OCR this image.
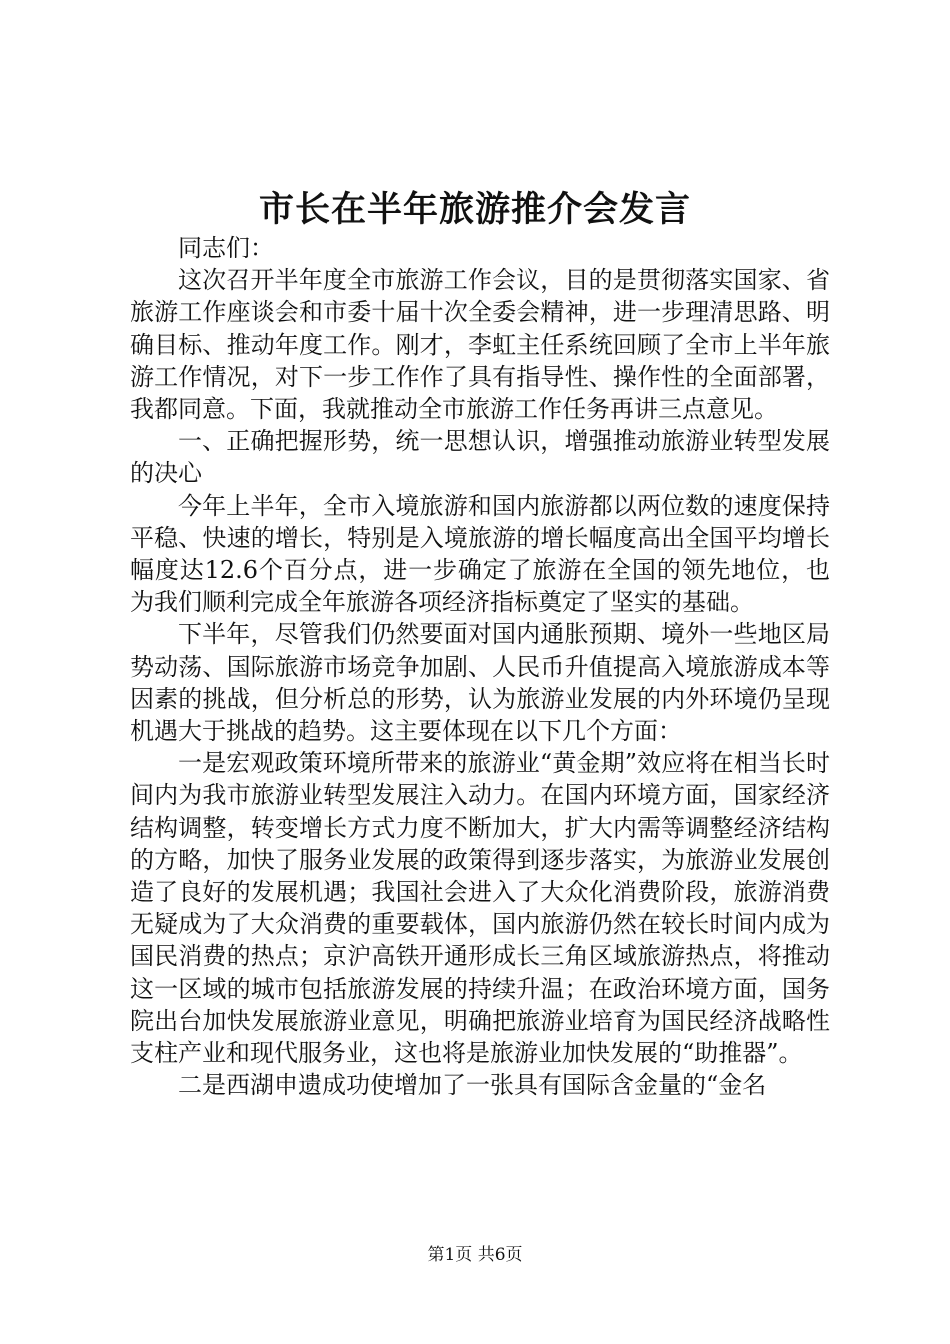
市长在半年旅游推介会发言

同志们：

这次召开半年度全市旅游工作会议，目的是贯彻落实国家、省旅游工作座谈会和市委十届十次全委会精神，进一步理清思路、明确目标、推动年度工作。刚才，李虹主任系统回顾了全市上半年旅游工作情况，对下一步工作作了具有指导性、操作性的全面部署，我都同意。下面，我就推动全市旅游工作任务再讲三点意见。

一、正确把握形势，统一思想认识，增强推动旅游业转型发展的决心

今年上半年，全市入境旅游和国内旅游都以两位数的速度保持平稳、快速的增长，特别是入境旅游的增长幅度高出全国平均增长幅度达12.6个百分点，进一步确定了旅游在全国的领先地位，也为我们顺利完成全年旅游各项经济指标奠定了坚实的基础。

下半年，尽管我们仍然要面对国内通胀预期、境外一些地区局势动荡、国际旅游市场竞争加剧、人民币升值提高入境旅游成本等因素的挑战，但分析总的形势，认为旅游业发展的内外环境仍呈现机遇大于挑战的趋势。这主要体现在以下几个方面：

一是宏观政策环境所带来的旅游业“黄金期”效应将在相当长时间内为我市旅游业转型发展注入动力。在国内环境方面，国家经济结构调整，转变增长方式力度不断加大，扩大内需等调整经济结构的方略，加快了服务业发展的政策得到逐步落实，为旅游业发展创造了良好的发展机遇；我国社会进入了大众化消费阶段，旅游消费无疑成为了大众消费的重要载体，国内旅游仍然在较长时间内成为国民消费的热点；京沪高铁开通形成长三角区域旅游热点，将推动这一区域的城市包括旅游发展的持续升温；在政治环境方面，国务院出台加快发展旅游业意见，明确把旅游业培育为国民经济战略性支柱产业和现代服务业，这也将是旅游业加快发展的“助推器”。

二是西湖申遗成功使增加了一张具有国际含金量的“金名

第1页 共6页
